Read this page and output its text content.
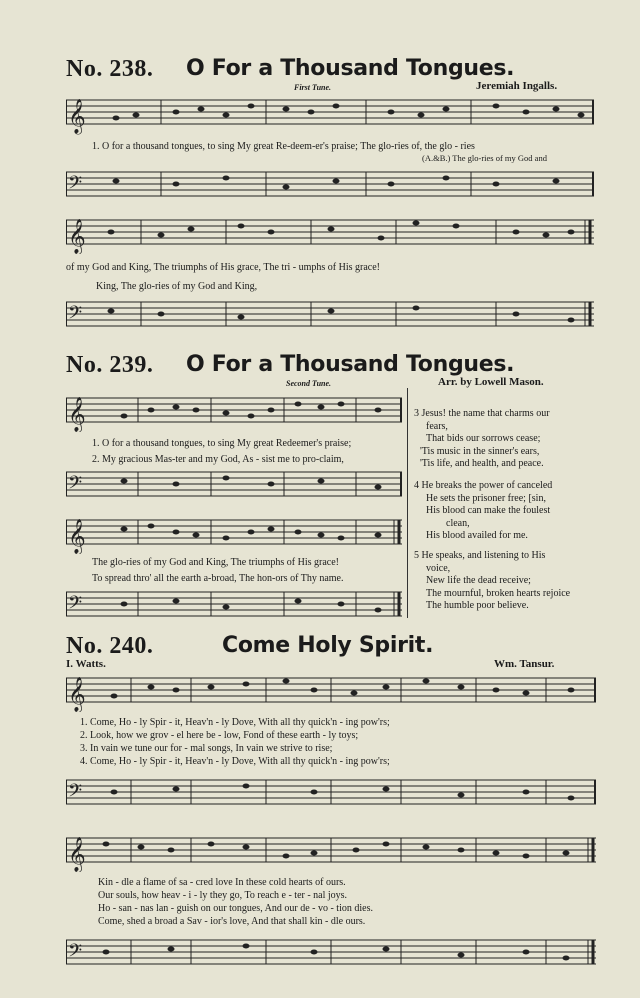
No. 238. O For a Thousand Tongues.
First Tune.	Jeremiah Ingalls.
𝄞
1. O for a thousand tongues, to sing My great Re-deem-er's praise; The glo-ries of, the glo - ries
(A.&B.) The glo-ries of my God and
𝄢
𝄞
of my God and King, The triumphs of His grace, The tri - umphs of His grace!
King, The glo-ries of my God and King,
𝄢
No. 239. O For a Thousand Tongues.
Second Tune.	Arr. by Lowell Mason.
𝄞
1. O for a thousand tongues, to sing My great Redeemer's praise;
2. My gracious Mas-ter and my God, As - sist me to pro-claim,
𝄢
𝄞
The glo-ries of my God and King, The triumphs of His grace!
To spread thro' all the earth a-broad, The hon-ors of Thy name.
𝄢
3 Jesus! the name that charms our
fears,
That bids our sorrows cease;
'Tis music in the sinner's ears,
'Tis life, and health, and peace.
4 He breaks the power of canceled
He sets the prisoner free; [sin,
His blood can make the foulest
clean,
His blood availed for me.
5 He speaks, and listening to His
voice,
New life the dead receive;
The mournful, broken hearts rejoice
The humble poor believe.
No. 240.	Come Holy Spirit.
I. Watts.	Wm. Tansur.
𝄞
1. Come, Ho - ly Spir - it, Heav'n - ly Dove, With all thy quick'n - ing pow'rs;
2. Look, how we grov - el here be - low, Fond of these earth - ly toys;
3. In vain we tune our for - mal songs, In vain we strive to rise;
4. Come, Ho - ly Spir - it, Heav'n - ly Dove, With all thy quick'n - ing pow'rs;
𝄢
𝄞
Kin - dle a flame of sa - cred love In these cold hearts of ours.
Our souls, how heav - i - ly they go, To reach e - ter - nal joys.
Ho - san - nas lan - guish on our tongues, And our de - vo - tion dies.
Come, shed a broad a Sav - ior's love, And that shall kin - dle ours.
𝄢
